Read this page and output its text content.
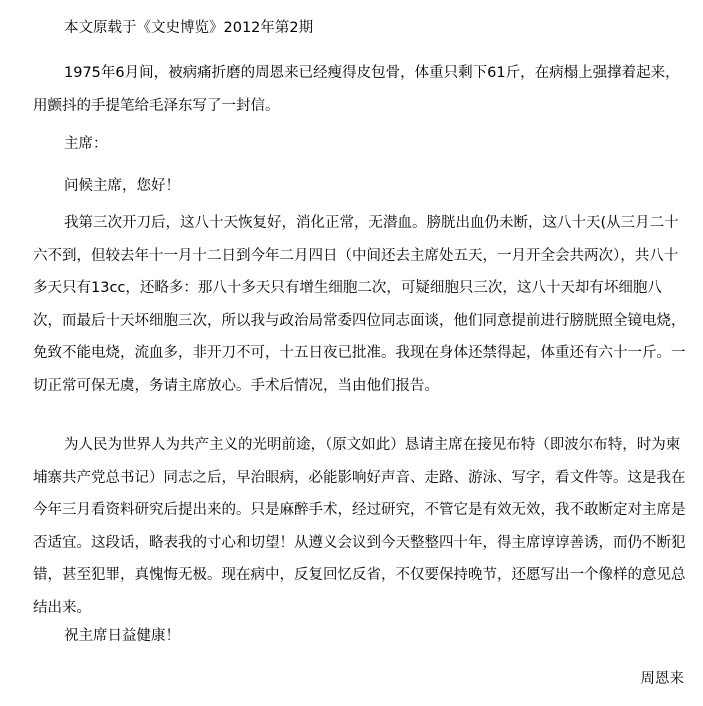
本文原载于《文史博览》2012年第2期

1975年6月间，被病痛折磨的周恩来已经瘦得皮包骨，体重只剩下61斤，在病榻上强撑着起来，用颤抖的手提笔给毛泽东写了一封信。

主席：

问候主席，您好！

我第三次开刀后，这八十天恢复好，消化正常，无潜血。膀胱出血仍未断，这八十天(从三月二十六不到，但较去年十一月十二日到今年二月四日（中间还去主席处五天，一月开全会共两次），共八十多天只有13cc，还略多：那八十多天只有增生细胞二次，可疑细胞只三次，这八十天却有坏细胞八次，而最后十天坏细胞三次，所以我与政治局常委四位同志面谈，他们同意提前进行膀胱照全镜电烧，免致不能电烧，流血多，非开刀不可，十五日夜已批准。我现在身体还禁得起，体重还有六十一斤。一切正常可保无虞，务请主席放心。手术后情况，当由他们报告。

为人民为世界人为共产主义的光明前途，（原文如此）恳请主席在接见布特（即波尔布特，时为柬埔寨共产党总书记）同志之后，早治眼病，必能影响好声音、走路、游泳、写字，看文件等。这是我在今年三月看资料研究后提出来的。只是麻醉手术，经过研究，不管它是有效无效，我不敢断定对主席是否适宜。这段话，略表我的寸心和切望！从遵义会议到今天整整四十年，得主席谆谆善诱，而仍不断犯错，甚至犯罪，真愧悔无极。现在病中，反复回忆反省，不仅要保持晚节，还愿写出一个像样的意见总结出来。

祝主席日益健康！

周恩来
